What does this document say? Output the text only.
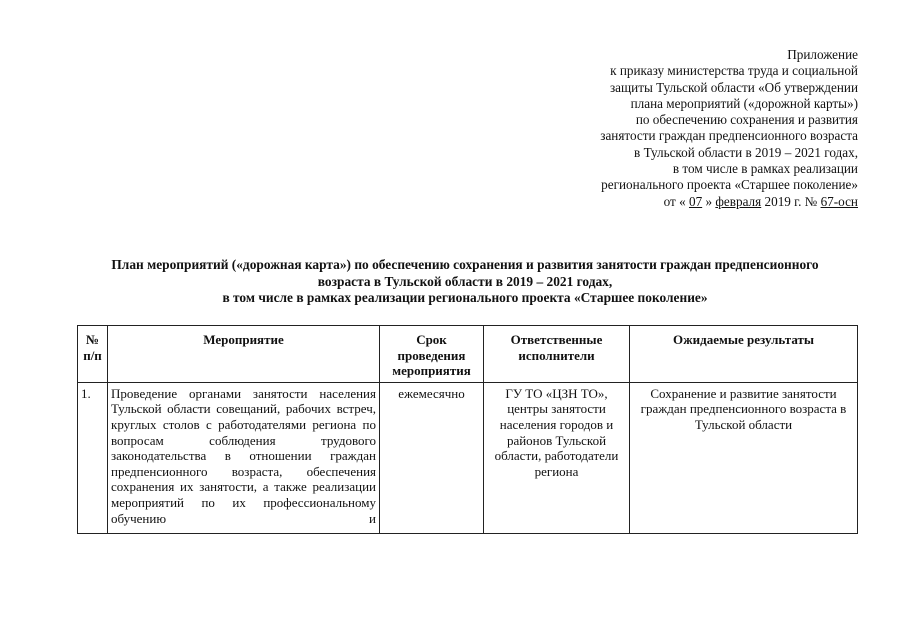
Приложение
к приказу министерства труда и социальной
защиты Тульской области «Об утверждении
плана мероприятий («дорожной карты»)
по обеспечению сохранения и развития
занятости граждан предпенсионного возраста
в Тульской области в 2019 – 2021 годах,
в том числе в рамках реализации
регионального проекта «Старшее поколение»
от « 07 » февраля 2019 г. № 67-осн
План мероприятий («дорожная карта») по обеспечению сохранения и развития занятости граждан предпенсионного
возраста в Тульской области в 2019 – 2021 годах,
в том числе в рамках реализации регионального проекта «Старшее поколение»
№ п/п	Мероприятие	Срок проведения мероприятия	Ответственные исполнители	Ожидаемые результаты
1.	Проведение органами занятости населения Тульской области совещаний, рабочих встреч, круглых столов с работодателями региона по вопросам соблюдения трудового законодательства в отношении граждан предпенсионного возраста, обеспечения сохранения их занятости, а также реализации мероприятий по их профессиональному обучению и	ежемесячно	ГУ ТО «ЦЗН ТО», центры занятости населения городов и районов Тульской области, работодатели региона	Сохранение и развитие занятости граждан предпенсионного возраста в Тульской области
